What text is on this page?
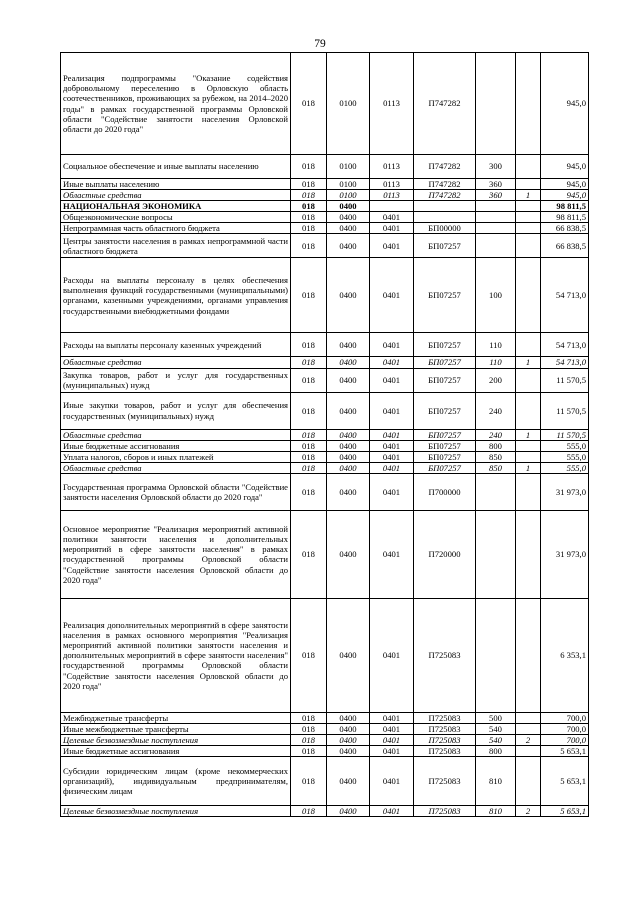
79
Реализация подпрограммы "Оказание содействия добровольному переселению в Орловскую область соотечественников, проживающих за рубежом, на 2014–2020 годы" в рамках государственной программы Орловской области "Содействие занятости населения Орловской области до 2020 года"	018	0100	0113	П747282			945,0
Социальное обеспечение и иные выплаты населению	018	0100	0113	П747282	300		945,0
Иные выплаты населению	018	0100	0113	П747282	360		945,0
Областные средства	018	0100	0113	П747282	360	1	945,0
НАЦИОНАЛЬНАЯ ЭКОНОМИКА	018	0400					98 811,5
Общеэкономические вопросы	018	0400	0401				98 811,5
Непрограммная часть областного бюджета	018	0400	0401	БП00000			66 838,5
Центры занятости населения в рамках непрограммной части областного бюджета	018	0400	0401	БП07257			66 838,5
Расходы на выплаты персоналу в целях обеспечения выполнения функций государственными (муниципальными) органами, казенными учреждениями, органами управления государственными внебюджетными фондами	018	0400	0401	БП07257	100		54 713,0
Расходы на выплаты персоналу казенных учреждений	018	0400	0401	БП07257	110		54 713,0
Областные средства	018	0400	0401	БП07257	110	1	54 713,0
Закупка товаров, работ и услуг для государственных (муниципальных) нужд	018	0400	0401	БП07257	200		11 570,5
Иные закупки товаров, работ и услуг для обеспечения государственных (муниципальных) нужд	018	0400	0401	БП07257	240		11 570,5
Областные средства	018	0400	0401	БП07257	240	1	11 570,5
Иные бюджетные ассигнования	018	0400	0401	БП07257	800		555,0
Уплата налогов, сборов и иных платежей	018	0400	0401	БП07257	850		555,0
Областные средства	018	0400	0401	БП07257	850	1	555,0
Государственная программа Орловской области "Содействие занятости населения Орловской области до 2020 года"	018	0400	0401	П700000			31 973,0
Основное мероприятие "Реализация мероприятий активной политики занятости населения и дополнительных мероприятий в сфере занятости населения" в рамках государственной программы Орловской области "Содействие занятости населения Орловской области до 2020 года"	018	0400	0401	П720000			31 973,0
Реализация дополнительных мероприятий в сфере занятости населения в рамках основного мероприятия "Реализация мероприятий активной политики занятости населения и дополнительных мероприятий в сфере занятости населения" государственной программы Орловской области "Содействие занятости населения Орловской области до 2020 года"	018	0400	0401	П725083			6 353,1
Межбюджетные трансферты	018	0400	0401	П725083	500		700,0
Иные межбюджетные трансферты	018	0400	0401	П725083	540		700,0
Целевые безвозмездные поступления	018	0400	0401	П725083	540	2	700,0
Иные бюджетные ассигнования	018	0400	0401	П725083	800		5 653,1
Субсидии юридическим лицам (кроме некоммерческих организаций), индивидуальным предпринимателям, физическим лицам	018	0400	0401	П725083	810		5 653,1
Целевые безвозмездные поступления	018	0400	0401	П725083	810	2	5 653,1
